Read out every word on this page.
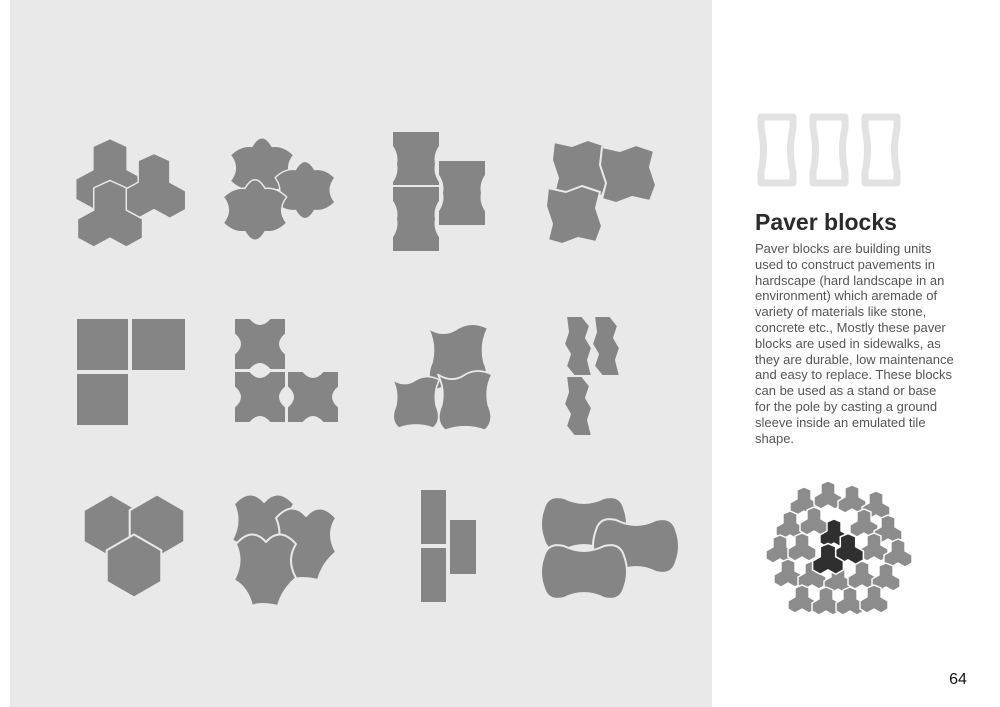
Paver blocks

Paver blocks are building units used to construct pavements in hardscape (hard landscape in an environment) which aremade of variety of materials like stone, concrete etc., Mostly these paver blocks are used in sidewalks, as they are durable, low maintenance and easy to replace. These blocks can be used as a stand or base for the pole by casting a ground sleeve inside an emulated tile shape.

64
